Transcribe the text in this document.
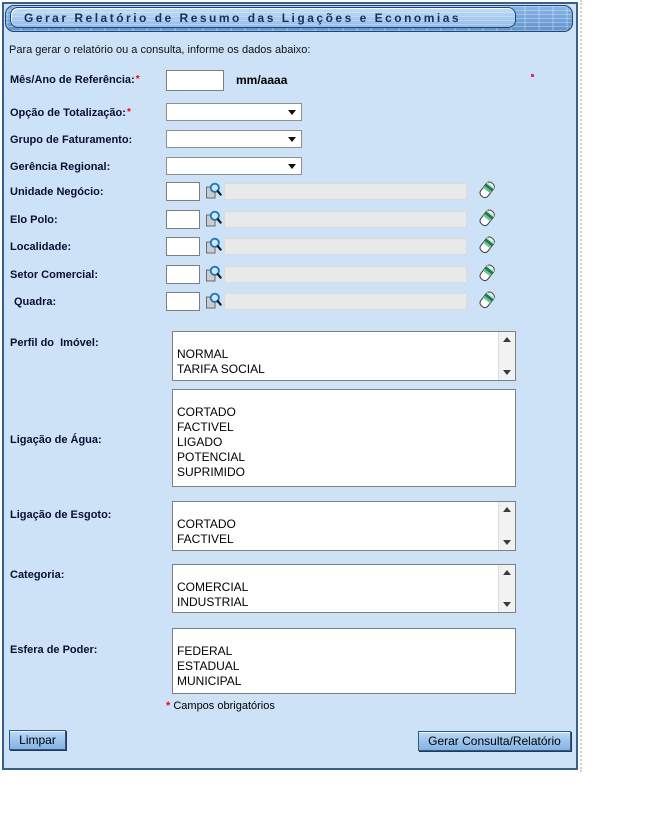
Gerar Relatório de Resumo das Ligações e Economias
Para gerar o relatório ou a consulta, informe os dados abaixo:
Mês/Ano de Referência:*	mm/aaaa
Opção de Totalização:*
Grupo de Faturamento:
Gerência Regional:
Unidade Negócio:
Elo Polo:
Localidade:
Setor Comercial:
Quadra:
Perfil do  Imóvel:
NORMAL
TARIFA SOCIAL
Ligação de Água:
CORTADO
FACTIVEL
LIGADO
POTENCIAL
SUPRIMIDO
Ligação de Esgoto:
CORTADO
FACTIVEL
Categoria:
COMERCIAL
INDUSTRIAL
Esfera de Poder:	FEDERAL
ESTADUAL
MUNICIPAL
* Campos obrigatórios
Limpar	Gerar Consulta/Relatório
